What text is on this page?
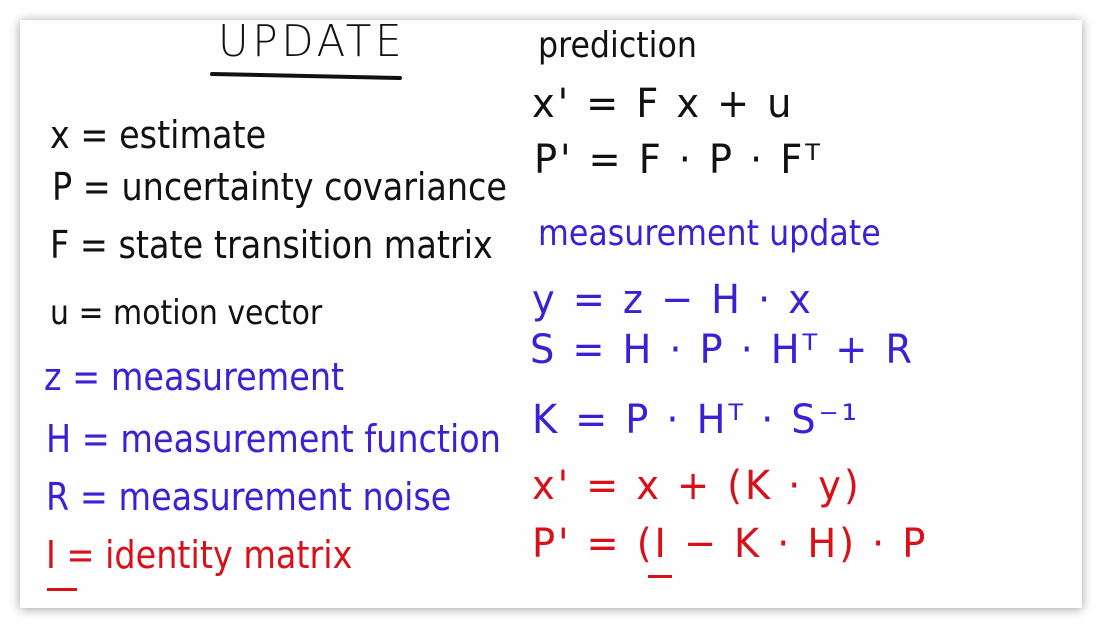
UPDATE
x = estimate
P = uncertainty covariance
F = state transition matrix
u = motion vector
z = measurement
H = measurement function
R = measurement noise
I = identity matrix
prediction
x' = F x + u
P' = F · P · Fᵀ
measurement update
y = z − H · x
S = H · P · Hᵀ + R
K = P · Hᵀ · S⁻¹
x' = x + (K · y)
P' = (I − K · H) · P
